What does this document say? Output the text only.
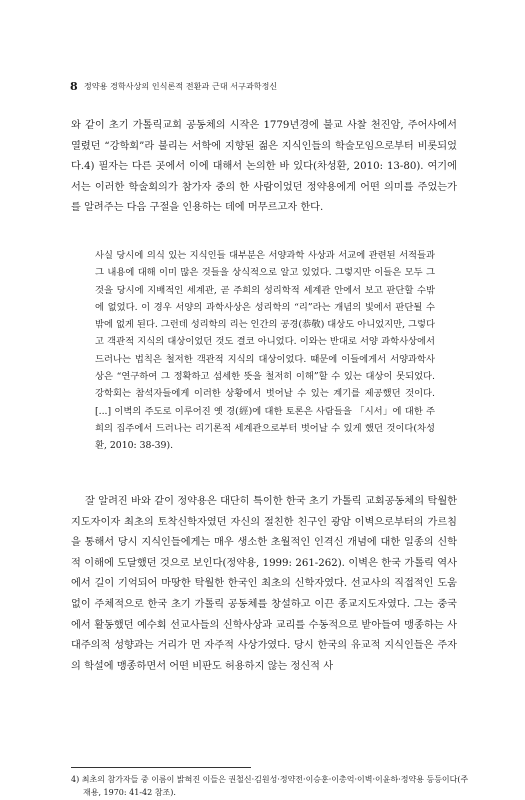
8 정약용 경학사상의 인식론적 전환과 근대 서구과학정신

와 같이 초기 가톨릭교회 공동체의 시작은 1779년경에 불교 사찰 천진암, 주어사에서 열렸던 “강학회”라 불리는 서학에 지향된 젊은 지식인들의 학술모임으로부터 비롯되었다.4) 필자는 다른 곳에서 이에 대해서 논의한 바 있다(차성환, 2010: 13-80). 여기에서는 이러한 학술회의가 참가자 중의 한 사람이었던 정약용에게 어떤 의미를 주었는가를 알려주는 다음 구절을 인용하는 데에 머무르고자 한다.

사실 당시에 의식 있는 지식인들 대부분은 서양과학 사상과 서교에 관련된 서적들과 그 내용에 대해 이미 많은 것들을 상식적으로 알고 있었다. 그렇지만 이들은 모두 그것을 당시에 지배적인 세계관, 곧 주희의 성리학적 세계관 안에서 보고 판단할 수밖에 없었다. 이 경우 서양의 과학사상은 성리학의 “리”라는 개념의 빛에서 판단될 수밖에 없게 된다. 그런데 성리학의 리는 인간의 공경(恭敬) 대상도 아니었지만, 그렇다고 객관적 지식의 대상이었던 것도 결코 아니었다. 이와는 반대로 서양 과학사상에서 드러나는 법칙은 철저한 객관적 지식의 대상이었다. 때문에 이들에게서 서양과학사상은 “연구하여 그 정확하고 섬세한 뜻을 철저히 이해”할 수 있는 대상이 못되었다. 강학회는 참석자들에게 이러한 상황에서 벗어날 수 있는 계기를 제공했던 것이다. [...] 이벽의 주도로 이루어진 옛 경(經)에 대한 토론은 사람들을 「시서」에 대한 주희의 집주에서 드러나는 리기론적 세계관으로부터 벗어날 수 있게 했던 것이다(차성환, 2010: 38-39).

잘 알려진 바와 같이 정약용은 대단히 특이한 한국 초기 가톨릭 교회공동체의 탁월한 지도자이자 최초의 토착신학자였던 자신의 절친한 친구인 광암 이벽으로부터의 가르침을 통해서 당시 지식인들에게는 매우 생소한 초월적인 인격신 개념에 대한 일종의 신학적 이해에 도달했던 것으로 보인다(정약용, 1999: 261-262). 이벽은 한국 가톨릭 역사에서 길이 기억되어 마땅한 탁월한 한국인 최초의 신학자였다. 선교사의 직접적인 도움 없이 주체적으로 한국 초기 가톨릭 공동체를 창설하고 이끈 종교지도자였다. 그는 중국에서 활동했던 예수회 선교사들의 신학사상과 교리를 수동적으로 받아들여 맹종하는 사대주의적 성향과는 거리가 먼 자주적 사상가였다. 당시 한국의 유교적 지식인들은 주자의 학설에 맹종하면서 어떤 비판도 허용하지 않는 정신적 사

4) 최초의 참가자들 중 이름이 밝혀진 이들은 권철신·김원성·정약전·이승훈·이총억·이벽·이윤하·정약용 등등이다(주재용, 1970: 41-42 참조).
